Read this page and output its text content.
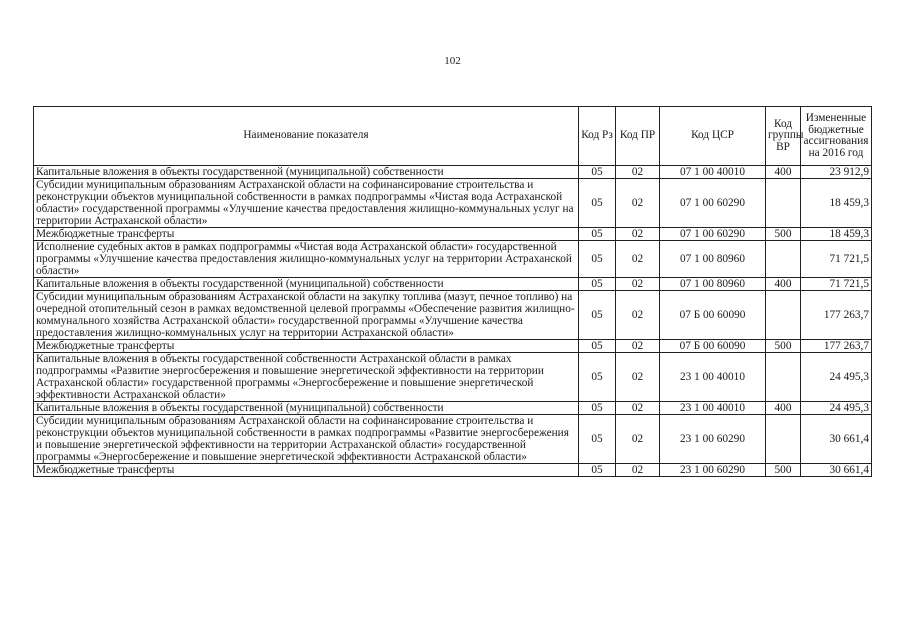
102
Наименование показателя	Код Рз	Код ПР	Код ЦСР	Код группы ВР	Измененные бюджетные ассигнования на 2016 год
Капитальные вложения в объекты государственной (муниципальной) собственности	05	02	07 1 00 40010	400	23 912,9
Субсидии муниципальным образованиям Астраханской области на софинансирование строительства и реконструкции объектов муниципальной собственности в рамках подпрограммы «Чистая вода Астраханской области» государственной программы «Улучшение качества предоставления жилищно-коммунальных услуг на территории Астраханской области»	05	02	07 1 00 60290		18 459,3
Межбюджетные трансферты	05	02	07 1 00 60290	500	18 459,3
Исполнение судебных актов в рамках подпрограммы «Чистая вода Астраханской области» государственной программы «Улучшение качества предоставления жилищно-коммунальных услуг на территории Астраханской области»	05	02	07 1 00 80960		71 721,5
Капитальные вложения в объекты государственной (муниципальной) собственности	05	02	07 1 00 80960	400	71 721,5
Субсидии муниципальным образованиям Астраханской области на закупку топлива (мазут, печное топливо) на очередной отопительный сезон в рамках ведомственной целевой программы «Обеспечение развития жилищно-коммунального хозяйства Астраханской области» государственной программы «Улучшение качества предоставления жилищно-коммунальных услуг на территории Астраханской области»	05	02	07 Б 00 60090		177 263,7
Межбюджетные трансферты	05	02	07 Б 00 60090	500	177 263,7
Капитальные вложения в объекты государственной собственности Астраханской области в рамках подпрограммы «Развитие энергосбережения и повышение энергетической эффективности на территории Астраханской области» государственной программы «Энергосбережение и повышение энергетической эффективности Астраханской области»	05	02	23 1 00 40010		24 495,3
Капитальные вложения в объекты государственной (муниципальной) собственности	05	02	23 1 00 40010	400	24 495,3
Субсидии муниципальным образованиям Астраханской области на софинансирование строительства и реконструкции объектов муниципальной собственности в рамках подпрограммы «Развитие энергосбережения и повышение энергетической эффективности на территории Астраханской области» государственной программы «Энергосбережение и повышение энергетической эффективности Астраханской области»	05	02	23 1 00 60290		30 661,4
Межбюджетные трансферты	05	02	23 1 00 60290	500	30 661,4
